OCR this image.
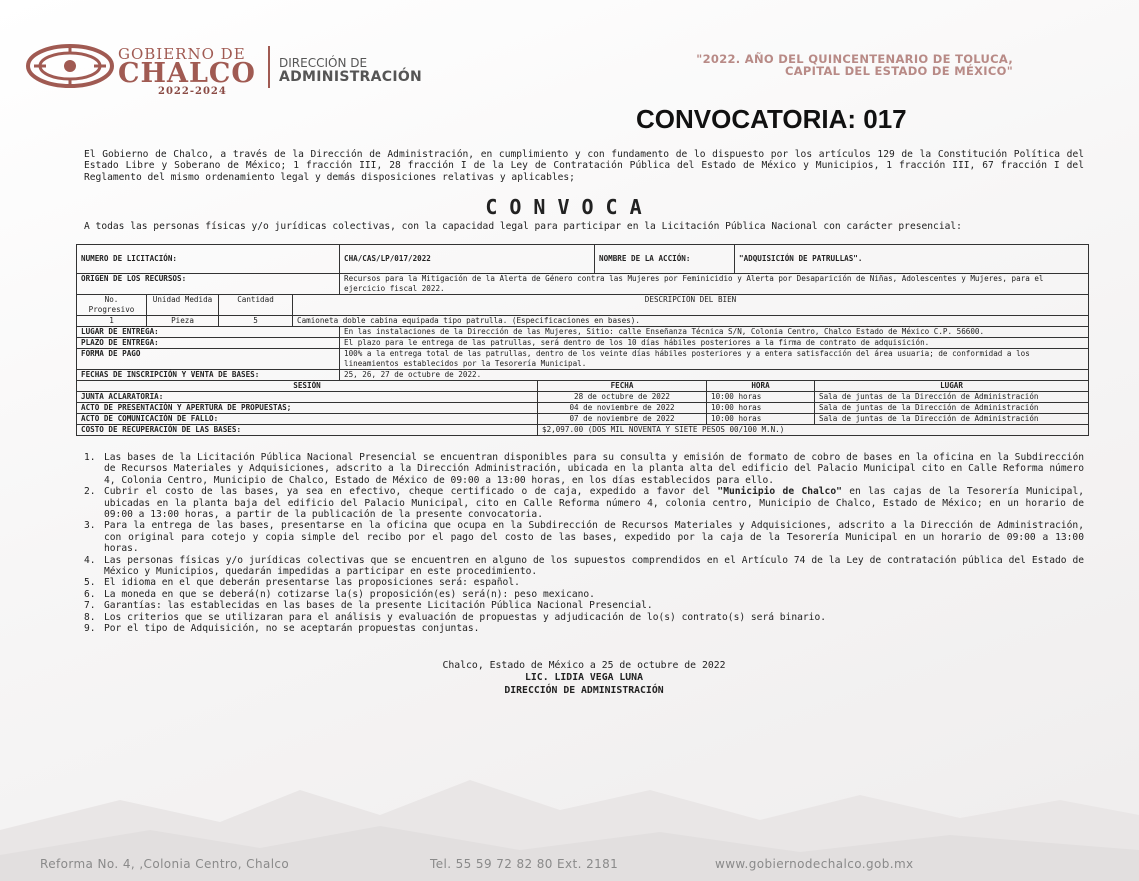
GOBIERNO DE
CHALCO
2022-2024
DIRECCIÓN DE
ADMINISTRACIÓN
"2022. AÑO DEL QUINCENTENARIO DE TOLUCA,
CAPITAL DEL ESTADO DE MÉXICO"
CONVOCATORIA: 017
El Gobierno de Chalco, a través de la Dirección de Administración, en cumplimiento y con fundamento de lo dispuesto por los artículos 129 de la Constitución Política del Estado Libre y Soberano de México; 1 fracción III, 28 fracción I de la Ley de Contratación Pública del Estado de México y Municipios, 1 fracción III, 67 fracción I del Reglamento del mismo ordenamiento legal y demás disposiciones relativas y aplicables;
CONVOCA
A todas las personas físicas y/o jurídicas colectivas, con la capacidad legal para participar en la Licitación Pública Nacional con carácter presencial:
NUMERO DE LICITACIÓN:				CHA/CAS/LP/017/2022		NOMBRE DE LA ACCIÓN:		"ADQUISICIÓN DE PATRULLAS".	
ORIGEN DE LOS RECURSOS:				Recursos para la Mitigación de la Alerta de Género contra las Mujeres por Feminicidio y Alerta por Desaparición de Niñas, Adolescentes y Mujeres, para el ejercicio fiscal 2022.					
No. Progresivo	Unidad Medida	Cantidad	DESCRIPCION DEL BIEN						
1	Pieza	5	Camioneta doble cabina equipada tipo patrulla. (Especificaciones en bases).						
LUGAR DE ENTREGA:				En las instalaciones de la Dirección de las Mujeres, Sitio: calle Enseñanza Técnica S/N, Colonia Centro, Chalco Estado de México C.P. 56600.					
PLAZO DE ENTREGA:				El plazo para le entrega de las patrullas, será dentro de los 10 días hábiles posteriores a la firma de contrato de adquisición.					
FORMA DE PAGO				100% a la entrega total de las patrullas, dentro de los veinte días hábiles posteriores y a entera satisfacción del área usuaria; de conformidad a los lineamientos establecidos por la Tesorería Municipal.					
FECHAS DE INSCRIPCIÓN Y VENTA DE BASES:				25, 26, 27 de octubre de 2022.					
SESIÓN					FECHA		HORA		LUGAR
JUNTA ACLARATORIA:					28 de octubre de 2022		10:00 horas		Sala de juntas de la Dirección de Administración
ACTO DE PRESENTACIÓN Y APERTURA DE PROPUESTAS;					04 de noviembre de 2022		10:00 horas		Sala de juntas de la Dirección de Administración
ACTO DE COMUNICACIÓN DE FALLO:					07 de noviembre de 2022		10:00 horas		Sala de juntas de la Dirección de Administración
COSTO DE RECUPERACIÓN DE LAS BASES:					$2,097.00 (DOS MIL NOVENTA Y SIETE PESOS 00/100 M.N.)				
1. Las bases de la Licitación Pública Nacional Presencial se encuentran disponibles para su consulta y emisión de formato de cobro de bases en la oficina en la Subdirección de Recursos Materiales y Adquisiciones, adscrito a la Dirección Administración, ubicada en la planta alta del edificio del Palacio Municipal cito en Calle Reforma número 4, Colonia Centro, Municipio de Chalco, Estado de México de 09:00 a 13:00 horas, en los días establecidos para ello.
2. Cubrir el costo de las bases, ya sea en efectivo, cheque certificado o de caja, expedido a favor del "Municipio de Chalco" en las cajas de la Tesorería Municipal, ubicadas en la planta baja del edificio del Palacio Municipal, cito en Calle Reforma número 4, colonia centro, Municipio de Chalco, Estado de México; en un horario de 09:00 a 13:00 horas, a partir de la publicación de la presente convocatoria.
3. Para la entrega de las bases, presentarse en la oficina que ocupa en la Subdirección de Recursos Materiales y Adquisiciones, adscrito a la Dirección de Administración, con original para cotejo y copia simple del recibo por el pago del costo de las bases, expedido por la caja de la Tesorería Municipal en un horario de 09:00 a 13:00 horas.
4. Las personas físicas y/o jurídicas colectivas que se encuentren en alguno de los supuestos comprendidos en el Artículo 74 de la Ley de contratación pública del Estado de México y Municipios, quedarán impedidas a participar en este procedimiento.
5. El idioma en el que deberán presentarse las proposiciones será: español.
6. La moneda en que se deberá(n) cotizarse la(s) proposición(es) será(n): peso mexicano.
7. Garantías: las establecidas en las bases de la presente Licitación Pública Nacional Presencial.
8. Los criterios que se utilizaran para el análisis y evaluación de propuestas y adjudicación de lo(s) contrato(s) será binario.
9. Por el tipo de Adquisición, no se aceptarán propuestas conjuntas.
Chalco, Estado de México a 25 de octubre de 2022
LIC. LIDIA VEGA LUNA
DIRECCIÓN DE ADMINISTRACIÓN
Reforma No. 4, ,Colonia Centro, Chalco	Tel. 55 59 72 82 80 Ext. 2181	www.gobiernodechalco.gob.mx
